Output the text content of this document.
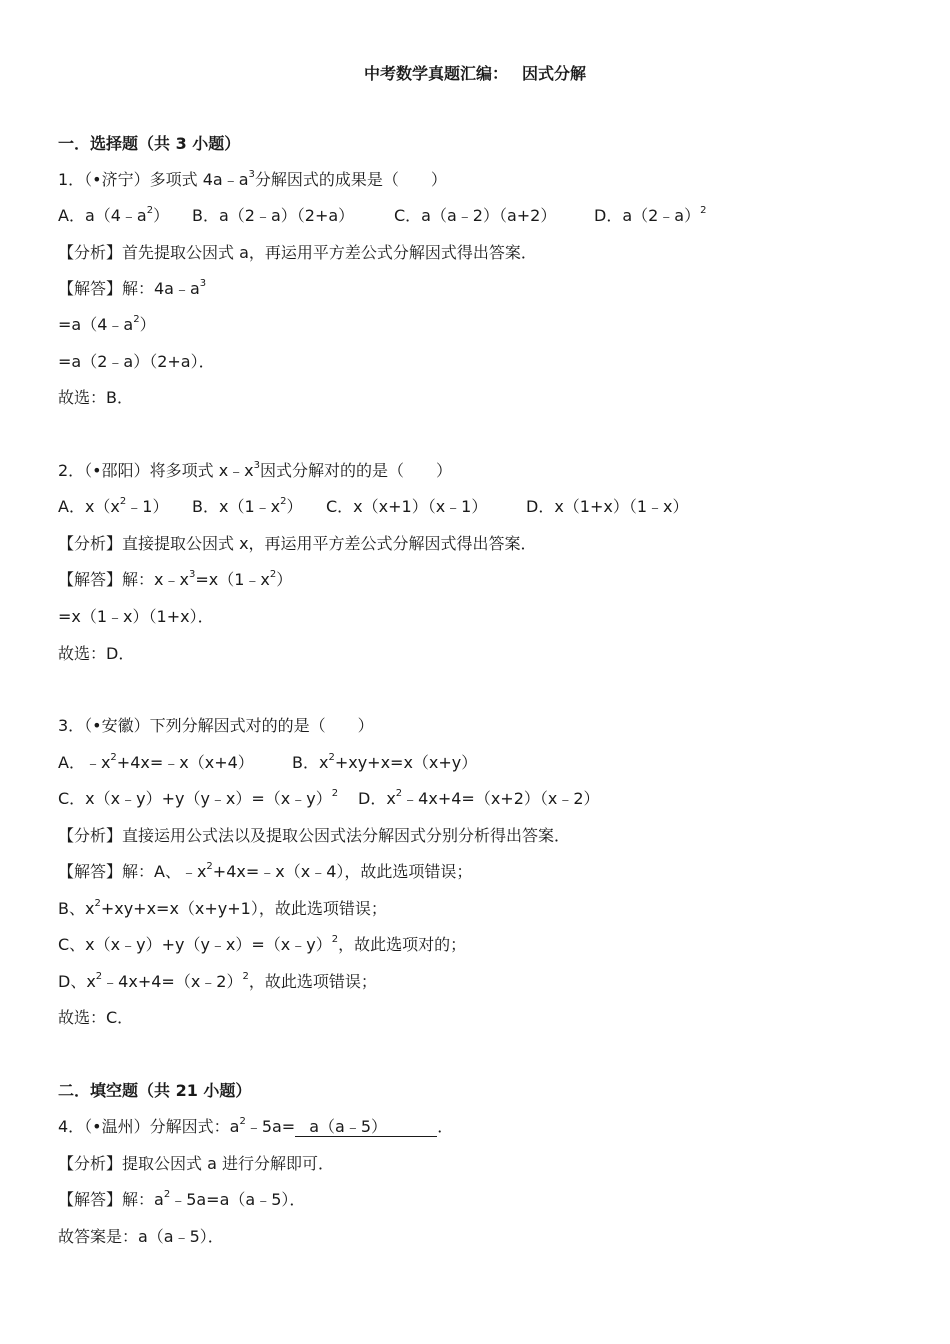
中考数学真题汇编： 因式分解
一．选择题（共 3 小题）
1．（•济宁）多项式 $4a﹣a^3$分解因式的成果是（　　）
A．$a(4﹣a^2)$ B．a（2﹣a）（2+a） C．a（a﹣2）（a+2） D．a（2﹣a）$^2$
【分析】首先提取公因式 a，再运用平方差公式分解因式得出答案．
【解答】解：$4a﹣a^3$
$=a(4﹣a^2)$
=a（2﹣a）（2+a）．
故选：B．
2．（•邵阳）将多项式 $x﹣x^3$因式分解对的的是（　　）
A．$x(x^2﹣1)$ B．$x(1﹣x^2)$ C．x（x+1）（x﹣1） D．x（1+x）（1﹣x）
【分析】直接提取公因式 x，再运用平方差公式分解因式得出答案．
【解答】解：$x﹣x^3=x(1﹣x^2)$
=x（1﹣x）（1+x）．
故选：D．
3．（•安徽）下列分解因式对的的是（　　）
A．$﹣x^2+4x=﹣x(x+4)$ B．$x^2+xy+x=x(x+y)$
C．x（x﹣y）+y（y﹣x）=（x﹣y）$^2$ D．$x^2﹣4x+4=(x+2)(x﹣2)$
【分析】直接运用公式法以及提取公因式法分解因式分别分析得出答案．
【解答】解：A、$﹣x^2+4x=﹣x(x﹣4)$，故此选项错误；
B、$x^2+xy+x=x(x+y+1)$，故此选项错误；
C、x（x﹣y）+y（y﹣x）=（x﹣y）$^2$，故此选项对的；
D、$x^2﹣4x+4=(x﹣2)^2$，故此选项错误；
故选：C．
二．填空题（共 21 小题）
4．（•温州）分解因式：$a^2﹣5a=$ a（a﹣5）	．
【分析】提取公因式 a 进行分解即可．
【解答】解：$a^2﹣5a=a(a﹣5)$．
故答案是：a（a﹣5）．
